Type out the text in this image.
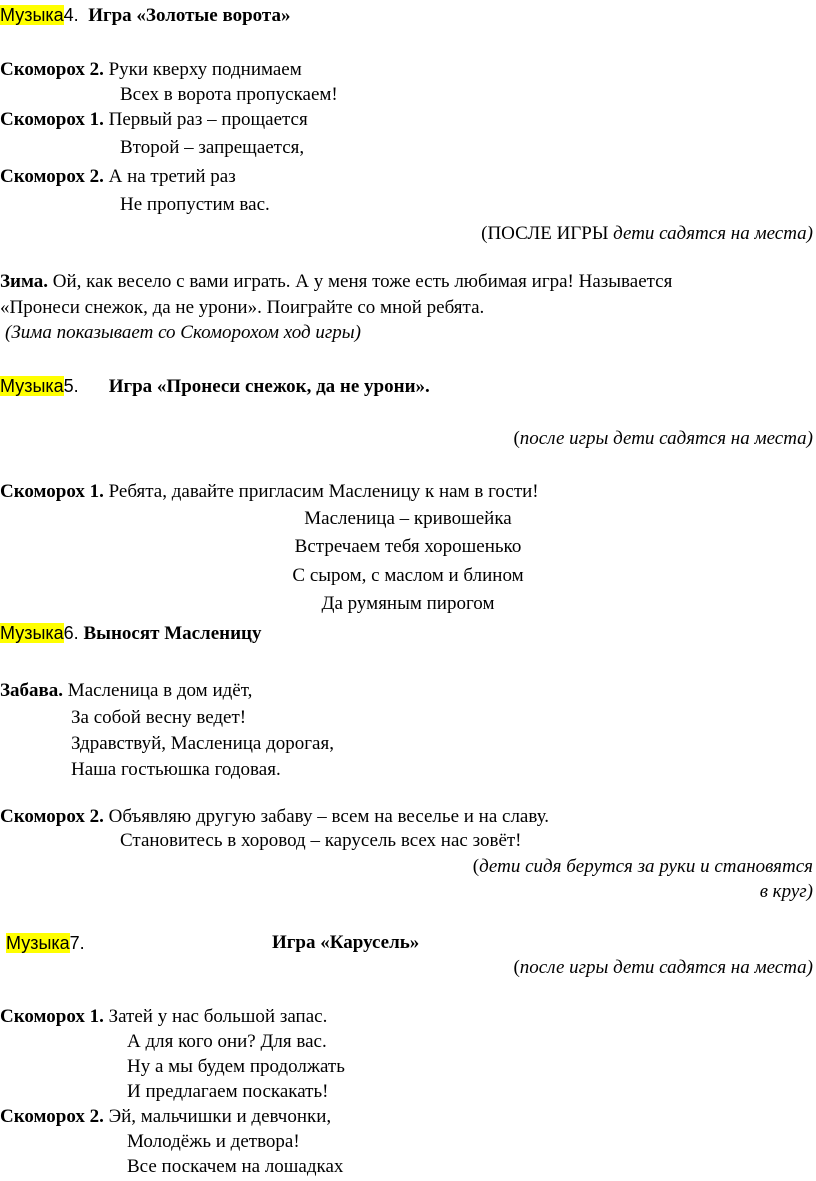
Музыка4. Игра «Золотые ворота»
Скоморох 2. Руки кверху поднимаем
Всех в ворота пропускаем!
Скоморох 1. Первый раз – прощается
Второй – запрещается,
Скоморох 2. А на третий раз
Не пропустим вас.
(ПОСЛЕ ИГРЫ дети садятся на места)
Зима. Ой, как весело с вами играть. А у меня тоже есть любимая игра! Называется
«Пронеси снежок, да не урони». Поиграйте со мной ребята.
(Зима показывает со Скоморохом ход игры)
Музыка5. Игра «Пронеси снежок, да не урони».
(после игры дети садятся на места)
Скоморох 1. Ребята, давайте пригласим Масленицу к нам в гости!
Масленица – кривошейка
Встречаем тебя хорошенько
С сыром, с маслом и блином
Да румяным пирогом
Музыка6. Выносят Масленицу
Забава. Масленица в дом идёт,
За собой весну ведет!
Здравствуй, Масленица дорогая,
Наша гостьюшка годовая.
Скоморох 2. Объявляю другую забаву – всем на веселье и на славу.
Становитесь в хоровод – карусель всех нас зовёт!
(дети сидя берутся за руки и становятся
в круг)
Музыка7.	Игра «Карусель»
(после игры дети садятся на места)
Скоморох 1. Затей у нас большой запас.
А для кого они? Для вас.
Ну а мы будем продолжать
И предлагаем поскакать!
Скоморох 2. Эй, мальчишки и девчонки,
Молодёжь и детвора!
Все поскачем на лошадках
